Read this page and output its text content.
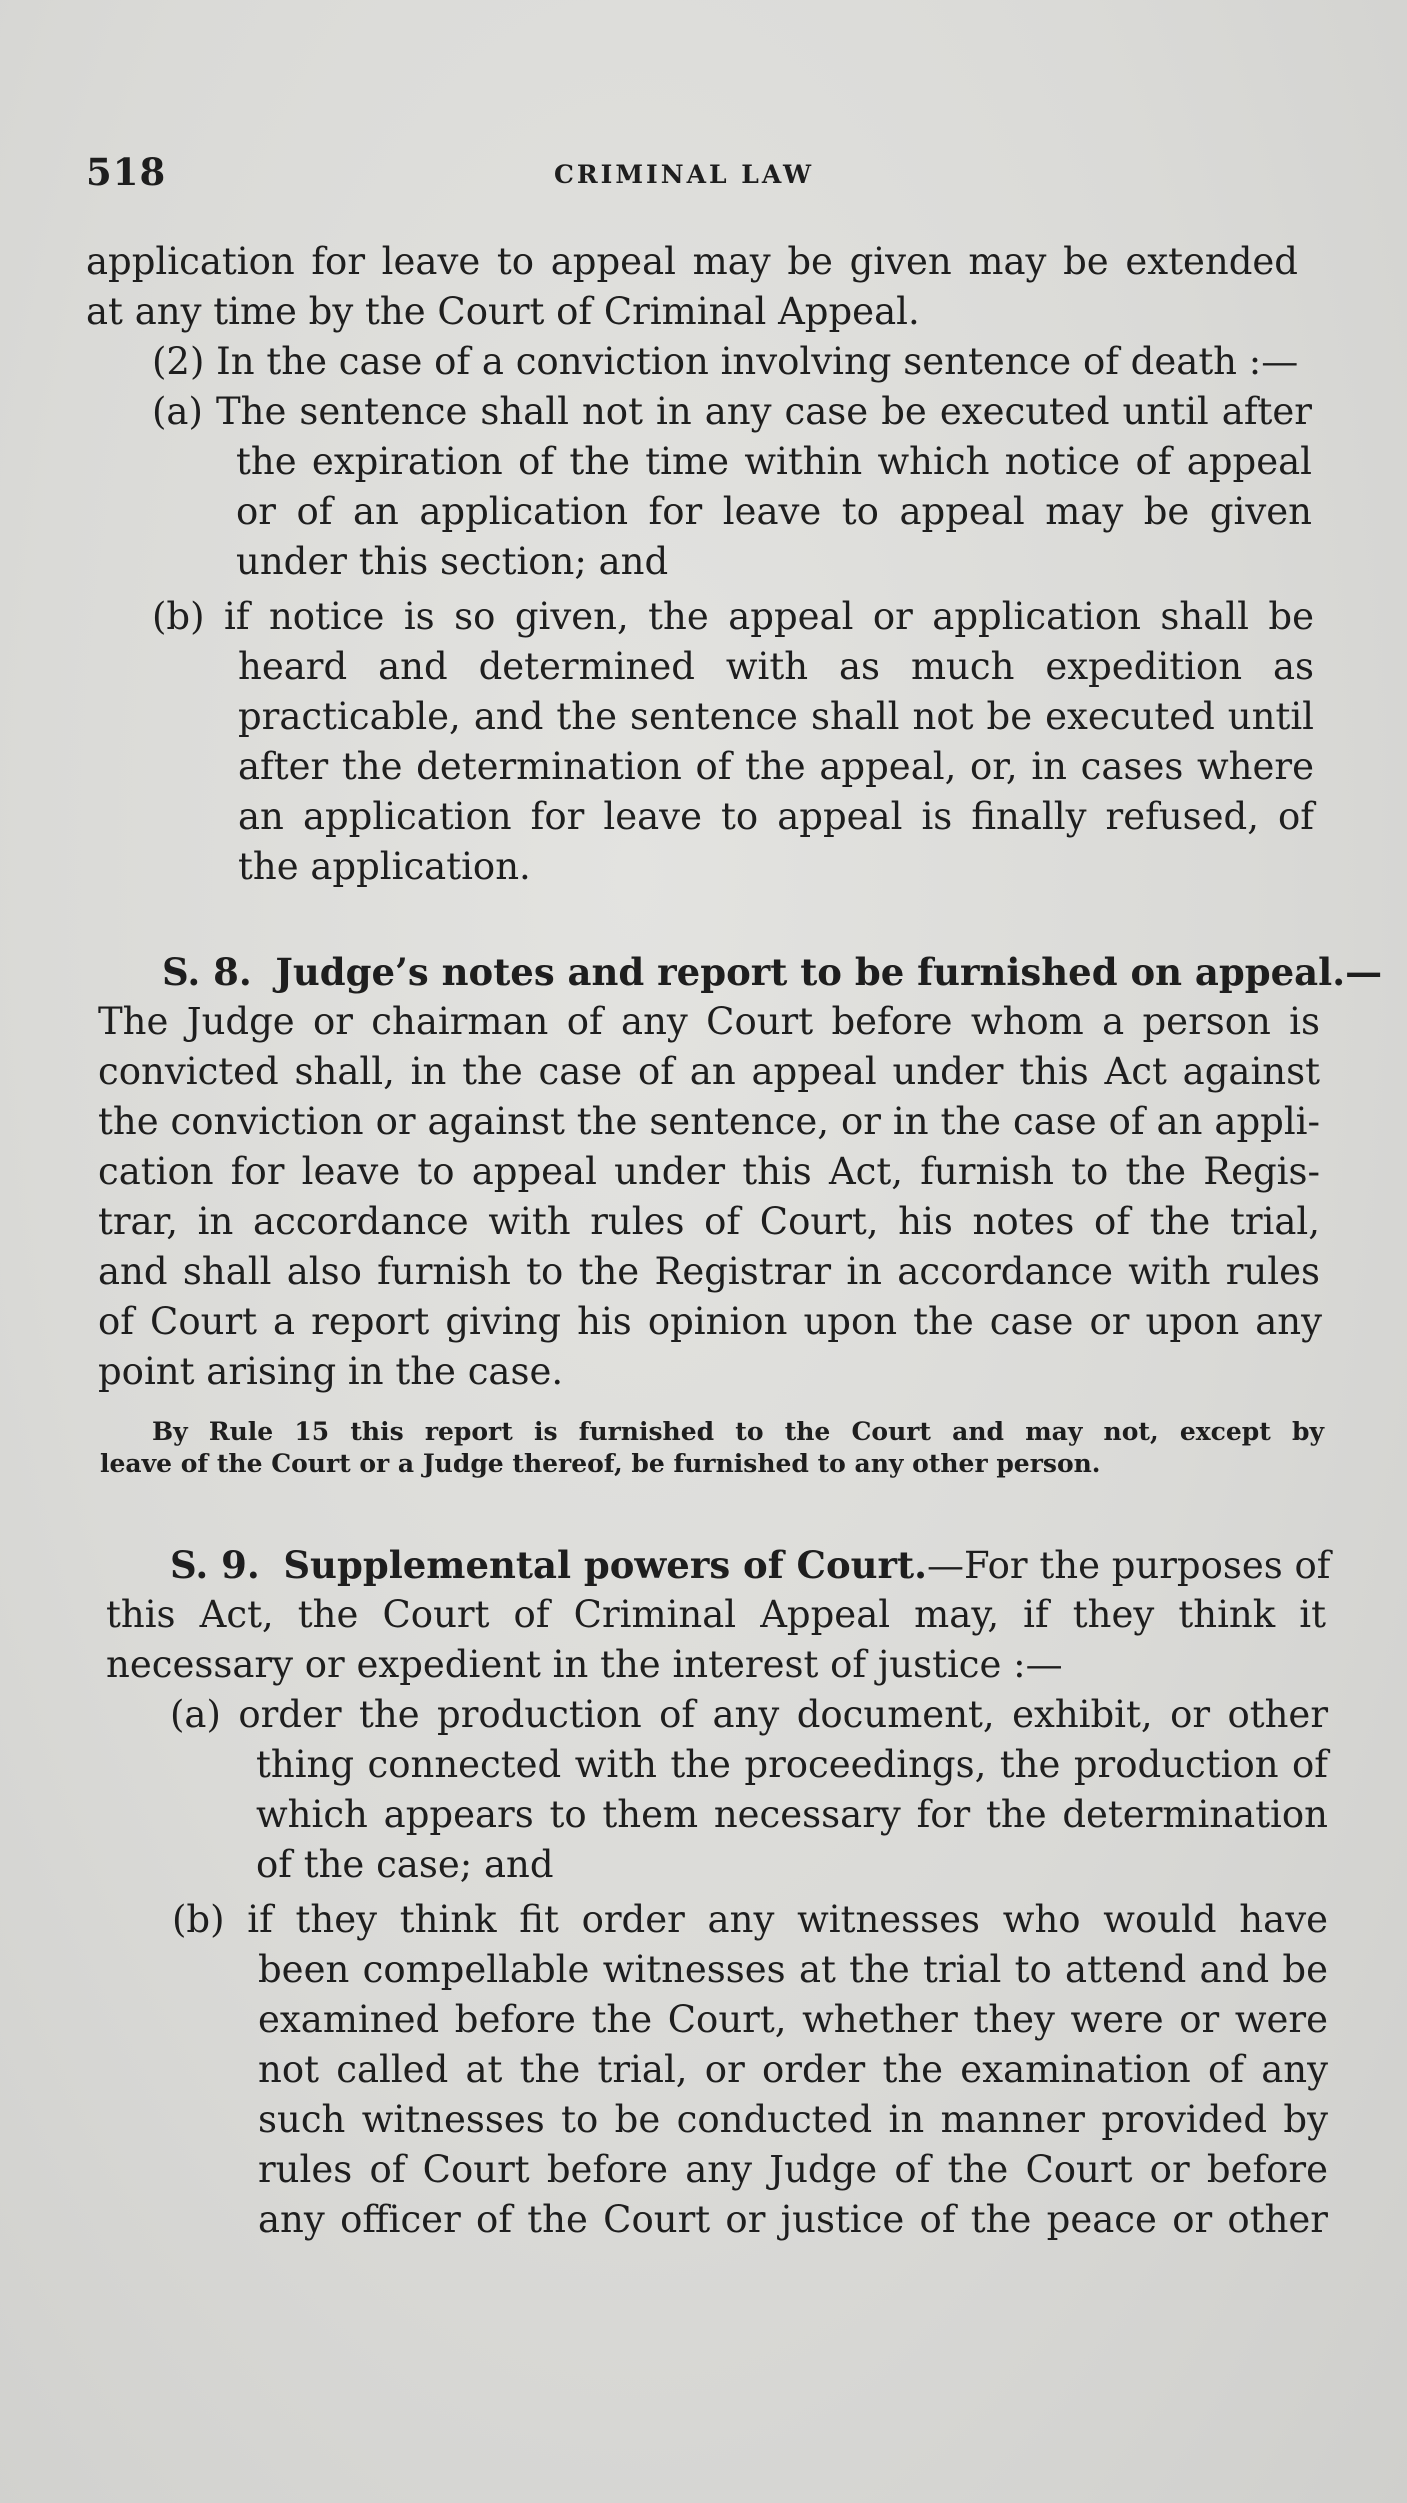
518	CRIMINAL LAW
application for leave to appeal may be given may be extended
at any time by the Court of Criminal Appeal.
(2) In the case of a conviction involving sentence of death :—
(a) The sentence shall not in any case be executed until after
the expiration of the time within which notice of appeal
or of an application for leave to appeal may be given
under this section; and
(b) if notice is so given, the appeal or application shall be
heard and determined with as much expedition as
practicable, and the sentence shall not be executed until
after the determination of the appeal, or, in cases where
an application for leave to appeal is finally refused, of
the application.
S. 8. Judge’s notes and report to be furnished on appeal.—
The Judge or chairman of any Court before whom a person is
convicted shall, in the case of an appeal under this Act against
the conviction or against the sentence, or in the case of an appli-
cation for leave to appeal under this Act, furnish to the Regis-
trar, in accordance with rules of Court, his notes of the trial,
and shall also furnish to the Registrar in accordance with rules
of Court a report giving his opinion upon the case or upon any
point arising in the case.
By Rule 15 this report is furnished to the Court and may not, except by
leave of the Court or a Judge thereof, be furnished to any other person.
S. 9. Supplemental powers of Court.—For the purposes of
this Act, the Court of Criminal Appeal may, if they think it
necessary or expedient in the interest of justice :—
(a) order the production of any document, exhibit, or other
thing connected with the proceedings, the production of
which appears to them necessary for the determination
of the case; and
(b) if they think fit order any witnesses who would have
been compellable witnesses at the trial to attend and be
examined before the Court, whether they were or were
not called at the trial, or order the examination of any
such witnesses to be conducted in manner provided by
rules of Court before any Judge of the Court or before
any officer of the Court or justice of the peace or other
